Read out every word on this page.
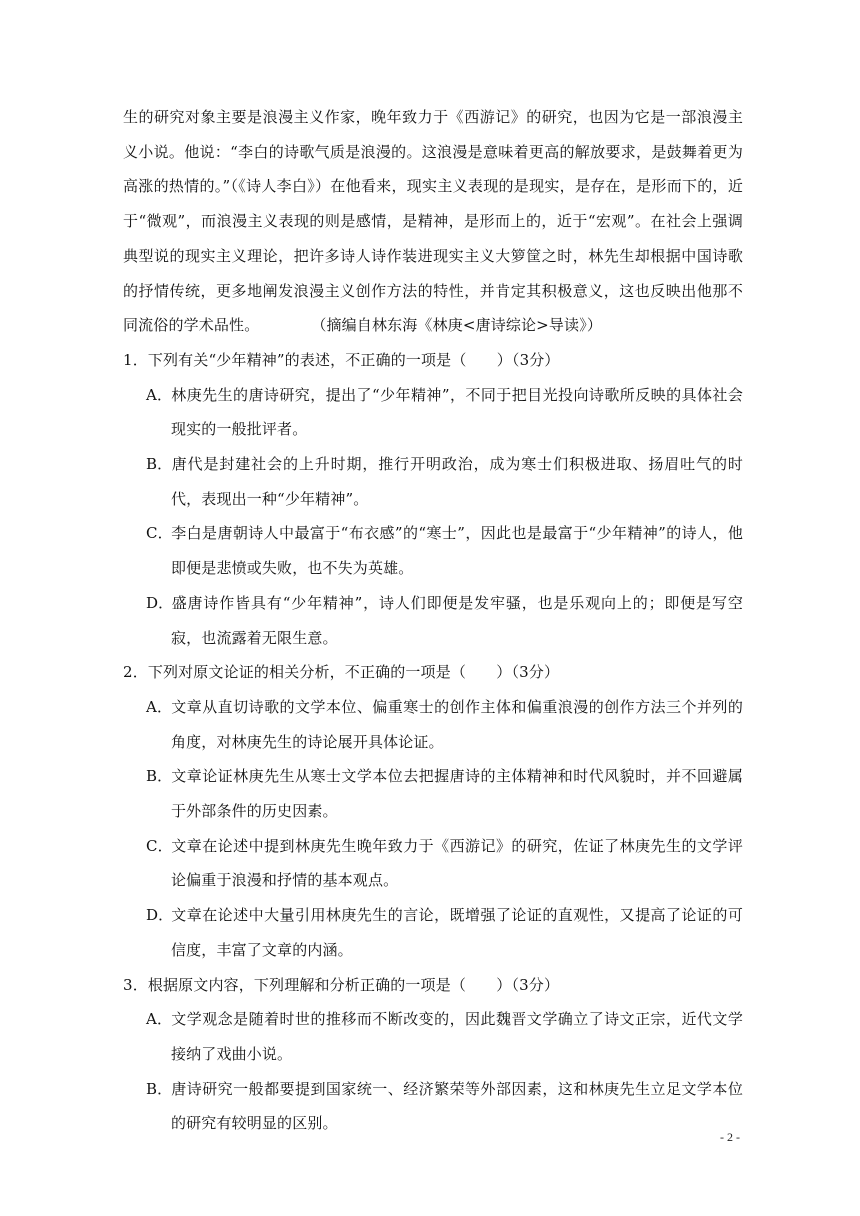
生的研究对象主要是浪漫主义作家，晚年致力于《西游记》的研究，也因为它是一部浪漫主义小说。他说：“李白的诗歌气质是浪漫的。这浪漫是意味着更高的解放要求，是鼓舞着更为高涨的热情的。”（《诗人李白》）在他看来，现实主义表现的是现实，是存在，是形而下的，近于“微观”，而浪漫主义表现的则是感情，是精神，是形而上的，近于“宏观”。在社会上强调典型说的现实主义理论，把许多诗人诗作装进现实主义大箩筐之时，林先生却根据中国诗歌的抒情传统，更多地阐发浪漫主义创作方法的特性，并肯定其积极意义，这也反映出他那不同流俗的学术品性。	（摘编自林东海《林庚<唐诗综论>导读》）

1．下列有关“少年精神”的表述，不正确的一项是（　　）（3分）

A．林庚先生的唐诗研究，提出了“少年精神”，不同于把目光投向诗歌所反映的具体社会现实的一般批评者。

B．唐代是封建社会的上升时期，推行开明政治，成为寒士们积极进取、扬眉吐气的时代，表现出一种“少年精神”。

C．李白是唐朝诗人中最富于“布衣感”的“寒士”，因此也是最富于“少年精神”的诗人，他即便是悲愤或失败，也不失为英雄。

D．盛唐诗作皆具有“少年精神”，诗人们即便是发牢骚，也是乐观向上的；即便是写空寂，也流露着无限生意。

2．下列对原文论证的相关分析，不正确的一项是（　　）（3分）

A．文章从直切诗歌的文学本位、偏重寒士的创作主体和偏重浪漫的创作方法三个并列的角度，对林庚先生的诗论展开具体论证。

B．文章论证林庚先生从寒士文学本位去把握唐诗的主体精神和时代风貌时，并不回避属于外部条件的历史因素。

C．文章在论述中提到林庚先生晚年致力于《西游记》的研究，佐证了林庚先生的文学评论偏重于浪漫和抒情的基本观点。

D．文章在论述中大量引用林庚先生的言论，既增强了论证的直观性，又提高了论证的可信度，丰富了文章的内涵。

3．根据原文内容，下列理解和分析正确的一项是（　　）（3分）

A．文学观念是随着时世的推移而不断改变的，因此魏晋文学确立了诗文正宗，近代文学接纳了戏曲小说。

B．唐诗研究一般都要提到国家统一、经济繁荣等外部因素，这和林庚先生立足文学本位的研究有较明显的区别。

- 2 -
